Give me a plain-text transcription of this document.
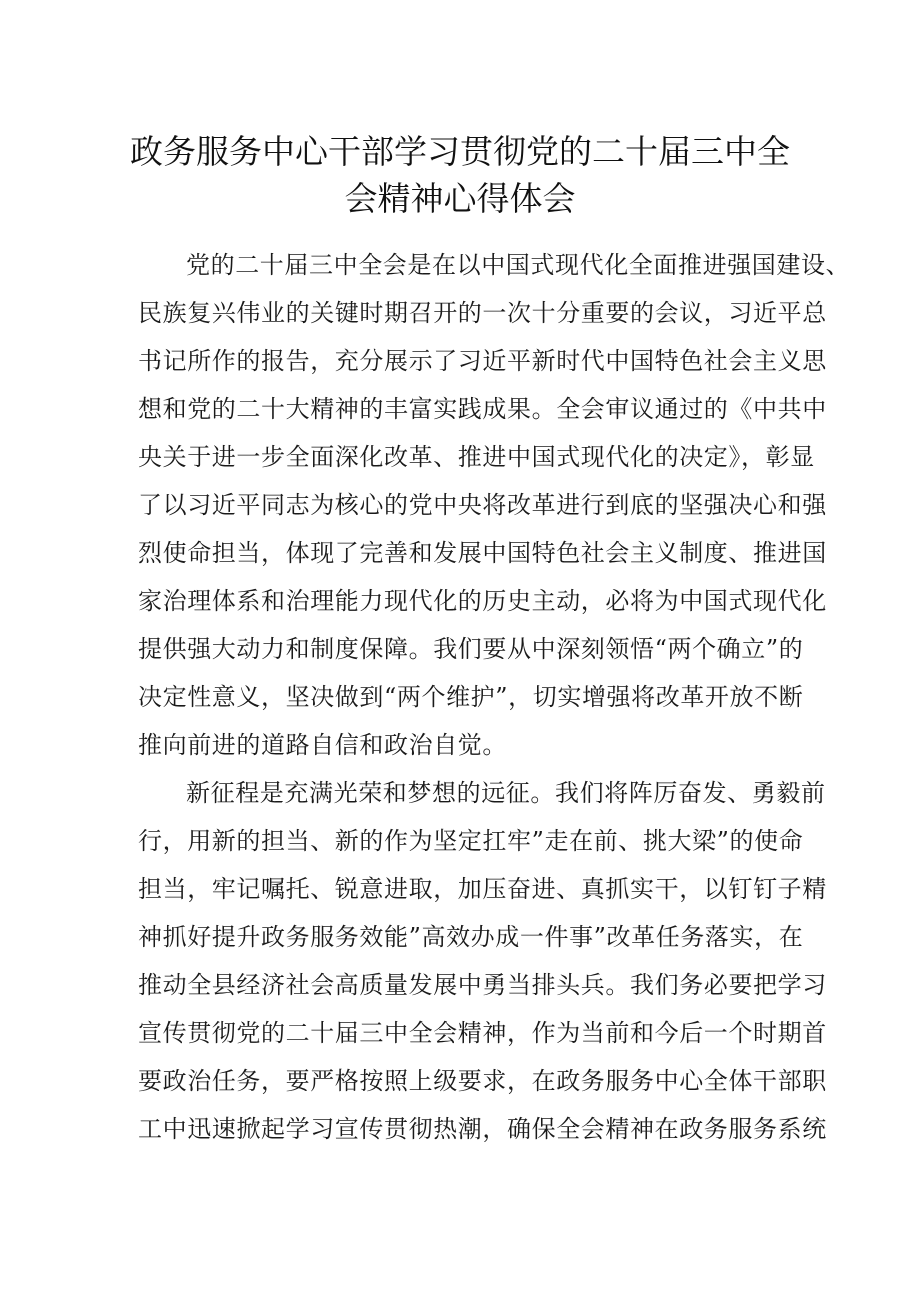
政务服务中心干部学习贯彻党的二十届三中全
会精神心得体会
党的二十届三中全会是在以中国式现代化全面推进强国建设、
民族复兴伟业的关键时期召开的一次十分重要的会议，习近平总
书记所作的报告，充分展示了习近平新时代中国特色社会主义思
想和党的二十大精神的丰富实践成果。全会审议通过的《中共中
央关于进一步全面深化改革、推进中国式现代化的决定》，彰显
了以习近平同志为核心的党中央将改革进行到底的坚强决心和强
烈使命担当，体现了完善和发展中国特色社会主义制度、推进国
家治理体系和治理能力现代化的历史主动，必将为中国式现代化
提供强大动力和制度保障。我们要从中深刻领悟“两个确立”的
决定性意义，坚决做到“两个维护”，切实增强将改革开放不断
推向前进的道路自信和政治自觉。
新征程是充满光荣和梦想的远征。我们将阵厉奋发、勇毅前
行，用新的担当、新的作为坚定扛牢”走在前、挑大梁”的使命
担当，牢记嘱托、锐意进取，加压奋进、真抓实干，以钉钉子精
神抓好提升政务服务效能”高效办成一件事”改革任务落实，在
推动全县经济社会高质量发展中勇当排头兵。我们务必要把学习
宣传贯彻党的二十届三中全会精神，作为当前和今后一个时期首
要政治任务，要严格按照上级要求，在政务服务中心全体干部职
工中迅速掀起学习宣传贯彻热潮，确保全会精神在政务服务系统
